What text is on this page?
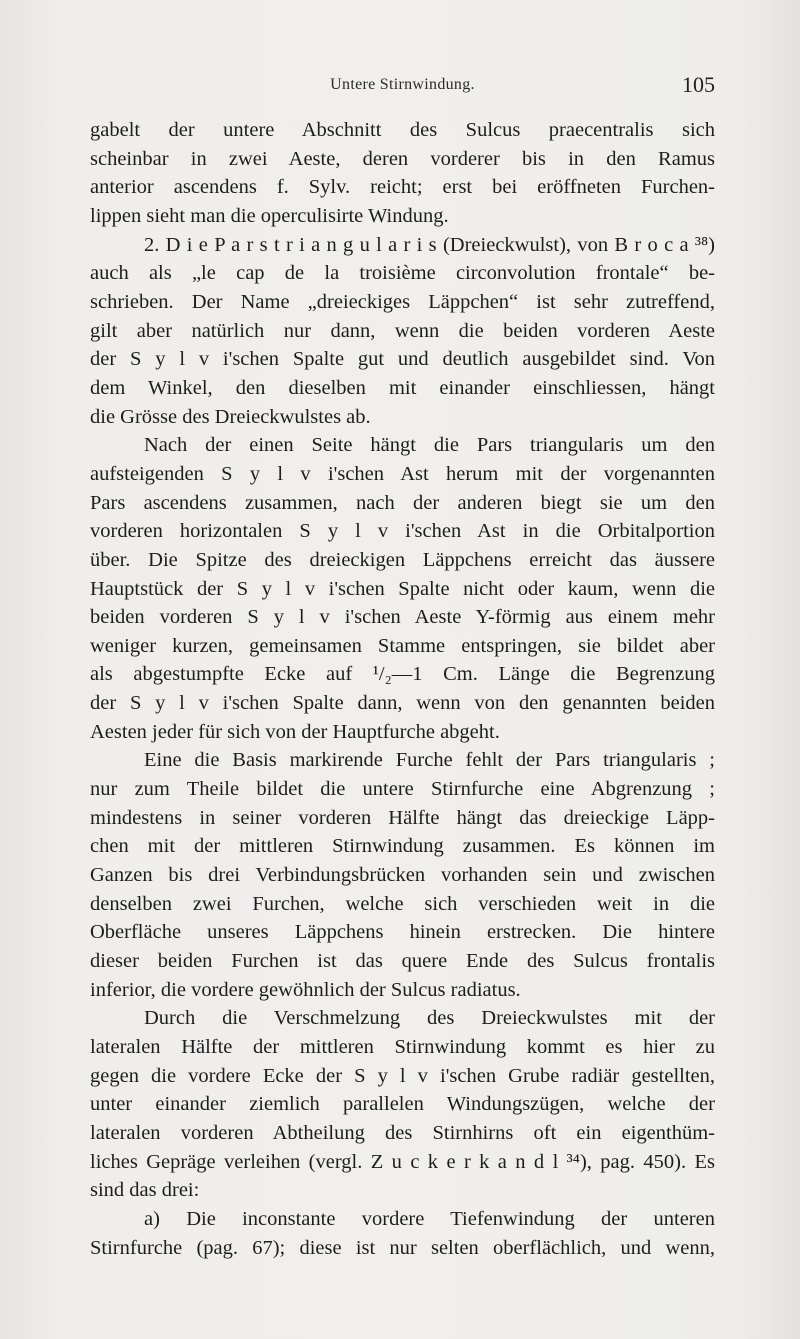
Untere Stirnwindung.	105
gabelt der untere Abschnitt des Sulcus praecentralis sich
scheinbar in zwei Aeste, deren vorderer bis in den Ramus
anterior ascendens f. Sylv. reicht; erst bei eröffneten Furchen-
lippen sieht man die operculisirte Windung.
2. D i e P a r s t r i a n g u l a r i s (Dreieckwulst), von B r o c a ³⁸)
auch als „le cap de la troisième circonvolution frontale“ be-
schrieben. Der Name „dreieckiges Läppchen“ ist sehr zutreffend,
gilt aber natürlich nur dann, wenn die beiden vorderen Aeste
der S y l v i'schen Spalte gut und deutlich ausgebildet sind. Von
dem Winkel, den dieselben mit einander einschliessen, hängt
die Grösse des Dreieckwulstes ab.
Nach der einen Seite hängt die Pars triangularis um den
aufsteigenden S y l v i'schen Ast herum mit der vorgenannten
Pars ascendens zusammen, nach der anderen biegt sie um den
vorderen horizontalen S y l v i'schen Ast in die Orbitalportion
über. Die Spitze des dreieckigen Läppchens erreicht das äussere
Hauptstück der S y l v i'schen Spalte nicht oder kaum, wenn die
beiden vorderen S y l v i'schen Aeste Y-förmig aus einem mehr
weniger kurzen, gemeinsamen Stamme entspringen, sie bildet aber
als abgestumpfte Ecke auf ¹/₂—1 Cm. Länge die Begrenzung
der S y l v i'schen Spalte dann, wenn von den genannten beiden
Aesten jeder für sich von der Hauptfurche abgeht.
Eine die Basis markirende Furche fehlt der Pars triangularis ;
nur zum Theile bildet die untere Stirnfurche eine Abgrenzung ;
mindestens in seiner vorderen Hälfte hängt das dreieckige Läpp-
chen mit der mittleren Stirnwindung zusammen. Es können im
Ganzen bis drei Verbindungsbrücken vorhanden sein und zwischen
denselben zwei Furchen, welche sich verschieden weit in die
Oberfläche unseres Läppchens hinein erstrecken. Die hintere
dieser beiden Furchen ist das quere Ende des Sulcus frontalis
inferior, die vordere gewöhnlich der Sulcus radiatus.
Durch die Verschmelzung des Dreieckwulstes mit der
lateralen Hälfte der mittleren Stirnwindung kommt es hier zu
gegen die vordere Ecke der S y l v i'schen Grube radiär gestellten,
unter einander ziemlich parallelen Windungszügen, welche der
lateralen vorderen Abtheilung des Stirnhirns oft ein eigenthüm-
liches Gepräge verleihen (vergl. Z u c k e r k a n d l ³⁴), pag. 450). Es
sind das drei:
a) Die inconstante vordere Tiefenwindung der unteren
Stirnfurche (pag. 67); diese ist nur selten oberflächlich, und wenn,
